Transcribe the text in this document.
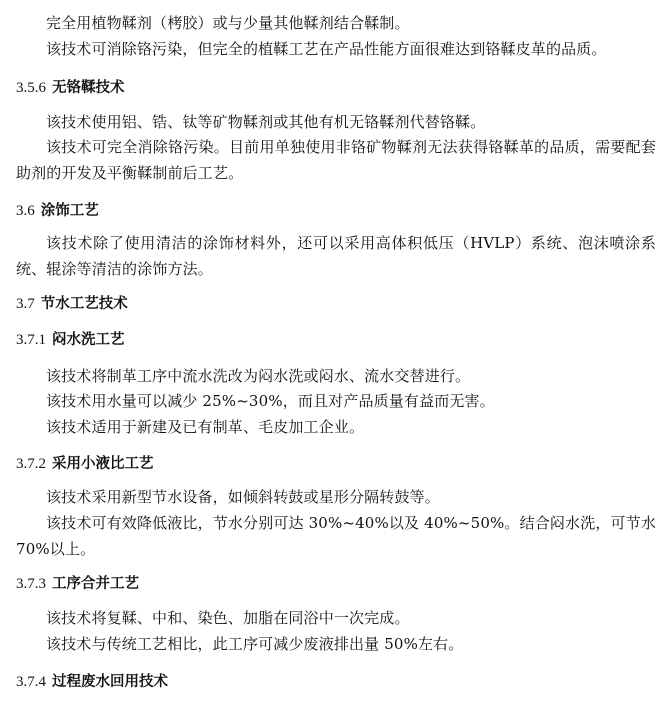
完全用植物鞣剂（栲胶）或与少量其他鞣剂结合鞣制。
该技术可消除铬污染，但完全的植鞣工艺在产品性能方面很难达到铬鞣皮革的品质。
3.5.6 无铬鞣技术
该技术使用铝、锆、钛等矿物鞣剂或其他有机无铬鞣剂代替铬鞣。
该技术可完全消除铬污染。目前用单独使用非铬矿物鞣剂无法获得铬鞣革的品质，需要配套助剂的开发及平衡鞣制前后工艺。
3.6 涂饰工艺
该技术除了使用清洁的涂饰材料外，还可以采用高体积低压（HVLP）系统、泡沫喷涂系统、辊涂等清洁的涂饰方法。
3.7 节水工艺技术
3.7.1 闷水洗工艺
该技术将制革工序中流水洗改为闷水洗或闷水、流水交替进行。
该技术用水量可以减少 25%~30%，而且对产品质量有益而无害。
该技术适用于新建及已有制革、毛皮加工企业。
3.7.2 采用小液比工艺
该技术采用新型节水设备，如倾斜转鼓或星形分隔转鼓等。
该技术可有效降低液比，节水分别可达 30%~40%以及 40%~50%。结合闷水洗，可节水 70%以上。
3.7.3 工序合并工艺
该技术将复鞣、中和、染色、加脂在同浴中一次完成。
该技术与传统工艺相比，此工序可减少废液排出量 50%左右。
3.7.4 过程废水回用技术
